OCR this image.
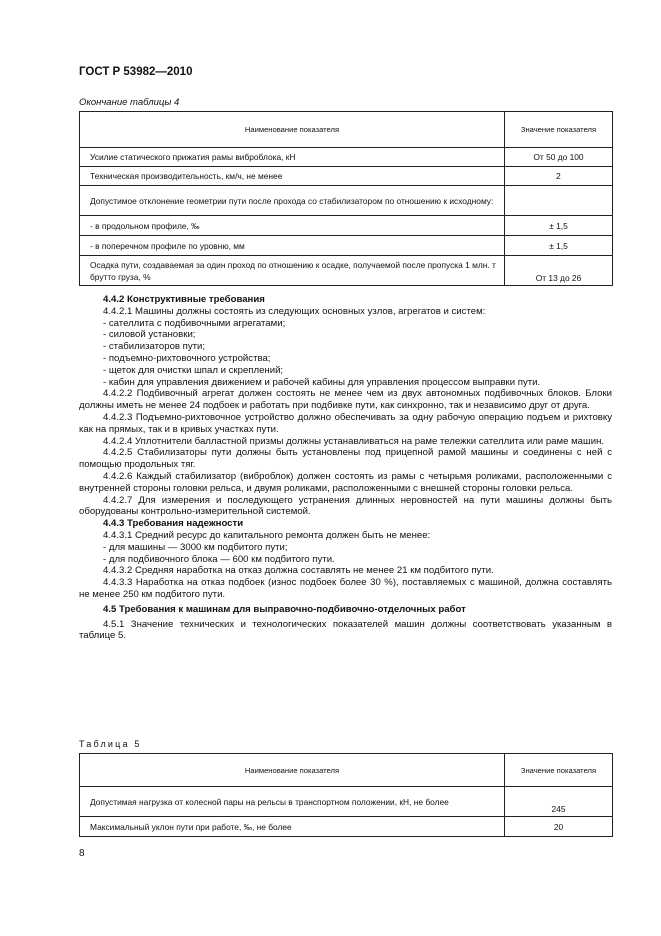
ГОСТ Р 53982—2010
Окончание таблицы 4
Наименование показателя	Значение показателя
Усилие статического прижатия рамы виброблока, кН	От 50 до 100
Техническая производительность, км/ч, не менее	2
Допустимое отклонение геометрии пути после прохода со стабилизатором по отношению к исходному:	
- в продольном профиле, ‰	± 1,5
- в поперечном профиле по уровню, мм	± 1,5
Осадка пути, создаваемая за один проход по отношению к осадке, получаемой после пропуска 1 млн. т брутто груза, %	От 13 до 26

4.4.2 Конструктивные требования

4.4.2.1 Машины должны состоять из следующих основных узлов, агрегатов и систем:

- сателлита с подбивочными агрегатами;

- силовой установки;

- стабилизаторов пути;

- подъемно-рихтовочного устройства;

- щеток для очистки шпал и скреплений;

- кабин для управления движением и рабочей кабины для управления процессом выправки пути.

4.4.2.2 Подбивочный агрегат должен состоять не менее чем из двух автономных подбивочных блоков. Блоки должны иметь не менее 24 подбоек и работать при подбивке пути, как синхронно, так и независимо друг от друга.

4.4.2.3 Подъемно-рихтовочное устройство должно обеспечивать за одну рабочую операцию подъем и рихтовку как на прямых, так и в кривых участках пути.

4.4.2.4 Уплотнители балластной призмы должны устанавливаться на раме тележки сателлита или раме машин.

4.4.2.5 Стабилизаторы пути должны быть установлены под прицепной рамой машины и соединены с ней с помощью продольных тяг.

4.4.2.6 Каждый стабилизатор (виброблок) должен состоять из рамы с четырьмя роликами, расположенными с внутренней стороны головки рельса, и двумя роликами, расположенными с внешней стороны головки рельса.

4.4.2.7 Для измерения и последующего устранения длинных неровностей на пути машины должны быть оборудованы контрольно-измерительной системой.

4.4.3 Требования надежности

4.4.3.1 Средний ресурс до капитального ремонта должен быть не менее:

- для машины — 3000 км подбитого пути;

- для подбивочного блока — 600 км подбитого пути.

4.4.3.2 Средняя наработка на отказ должна составлять не менее 21 км подбитого пути.

4.4.3.3 Наработка на отказ подбоек (износ подбоек более 30 %), поставляемых с машиной, должна составлять не менее 250 км подбитого пути.

4.5 Требования к машинам для выправочно-подбивочно-отделочных работ

4.5.1 Значение технических и технологических показателей машин должны соответствовать указанным в таблице 5.

Таблица 5
Наименование показателя	Значение показателя
Допустимая нагрузка от колесной пары на рельсы в транспортном положении, кН, не более	245
Максимальный уклон пути при работе, ‰, не более	20
8
